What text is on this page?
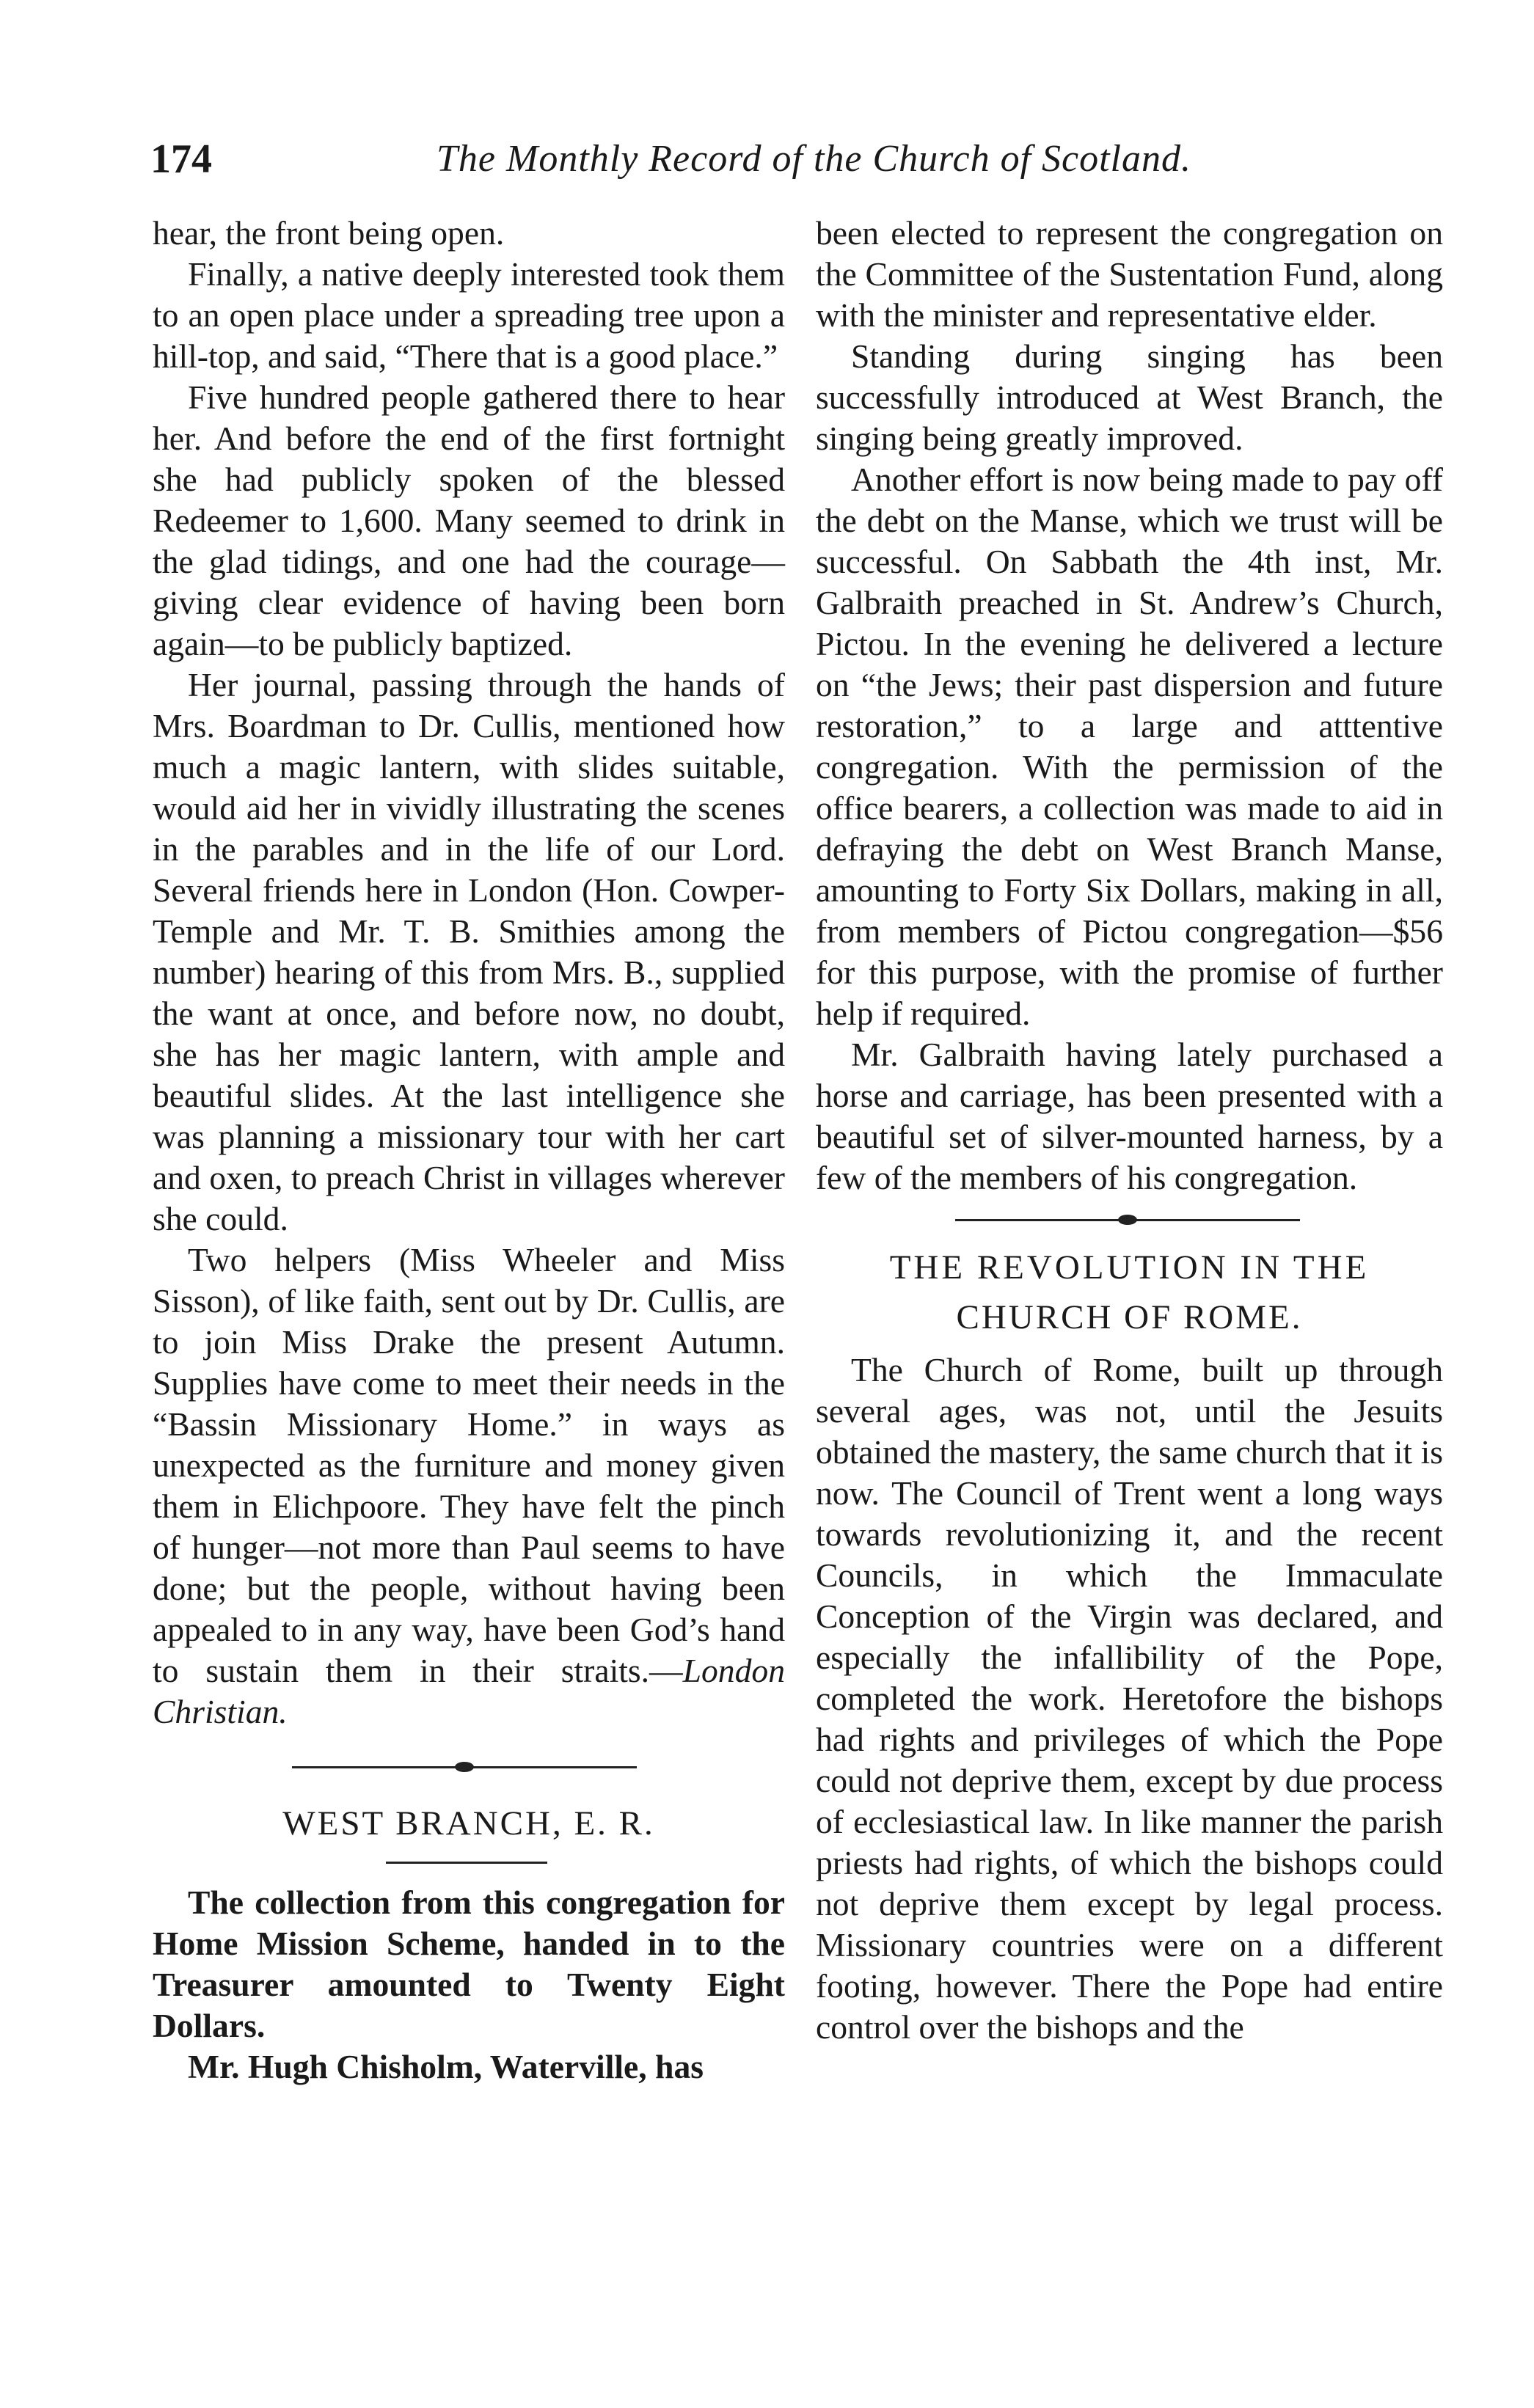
174	The Monthly Record of the Church of Scotland.

hear, the front being open.

Finally, a native deeply interested took them to an open place under a spreading tree upon a hill-top, and said, “There that is a good place.”

Five hundred people gathered there to hear her. And before the end of the first fortnight she had publicly spoken of the blessed Redeemer to 1,600. Many seemed to drink in the glad tidings, and one had the courage—giving clear evidence of having been born again—to be publicly baptized.

Her journal, passing through the hands of Mrs. Boardman to Dr. Cullis, mentioned how much a magic lantern, with slides suitable, would aid her in vividly illustrating the scenes in the parables and in the life of our Lord. Several friends here in London (Hon. Cowper-Temple and Mr. T. B. Smithies among the number) hearing of this from Mrs. B., supplied the want at once, and before now, no doubt, she has her magic lantern, with ample and beautiful slides. At the last intelligence she was planning a missionary tour with her cart and oxen, to preach Christ in villages wherever she could.

Two helpers (Miss Wheeler and Miss Sisson), of like faith, sent out by Dr. Cullis, are to join Miss Drake the present Autumn. Supplies have come to meet their needs in the “Bassin Missionary Home.” in ways as unexpected as the furniture and money given them in Elichpoore. They have felt the pinch of hunger—not more than Paul seems to have done; but the people, without having been appealed to in any way, have been God’s hand to sustain them in their straits.—London Christian.

WEST BRANCH, E. R.

The collection from this congregation for Home Mission Scheme, handed in to the Treasurer amounted to Twenty Eight Dollars.

Mr. Hugh Chisholm, Waterville, has

been elected to represent the congregation on the Committee of the Sustentation Fund, along with the minister and representative elder.

Standing during singing has been successfully introduced at West Branch, the singing being greatly improved.

Another effort is now being made to pay off the debt on the Manse, which we trust will be successful. On Sabbath the 4th inst, Mr. Galbraith preached in St. Andrew’s Church, Pictou. In the evening he delivered a lecture on “the Jews; their past dispersion and future restoration,” to a large and atttentive congregation. With the permission of the office bearers, a collection was made to aid in defraying the debt on West Branch Manse, amounting to Forty Six Dollars, making in all, from members of Pictou congregation—$56 for this purpose, with the promise of further help if required.

Mr. Galbraith having lately purchased a horse and carriage, has been presented with a beautiful set of silver-mounted harness, by a few of the members of his congregation.

THE REVOLUTION IN THE

CHURCH OF ROME.

The Church of Rome, built up through several ages, was not, until the Jesuits obtained the mastery, the same church that it is now. The Council of Trent went a long ways towards revolutionizing it, and the recent Councils, in which the Immaculate Conception of the Virgin was declared, and especially the infallibility of the Pope, completed the work. Heretofore the bishops had rights and privileges of which the Pope could not deprive them, except by due process of ecclesiastical law. In like manner the parish priests had rights, of which the bishops could not deprive them except by legal process. Missionary countries were on a different footing, however. There the Pope had entire control over the bishops and the
